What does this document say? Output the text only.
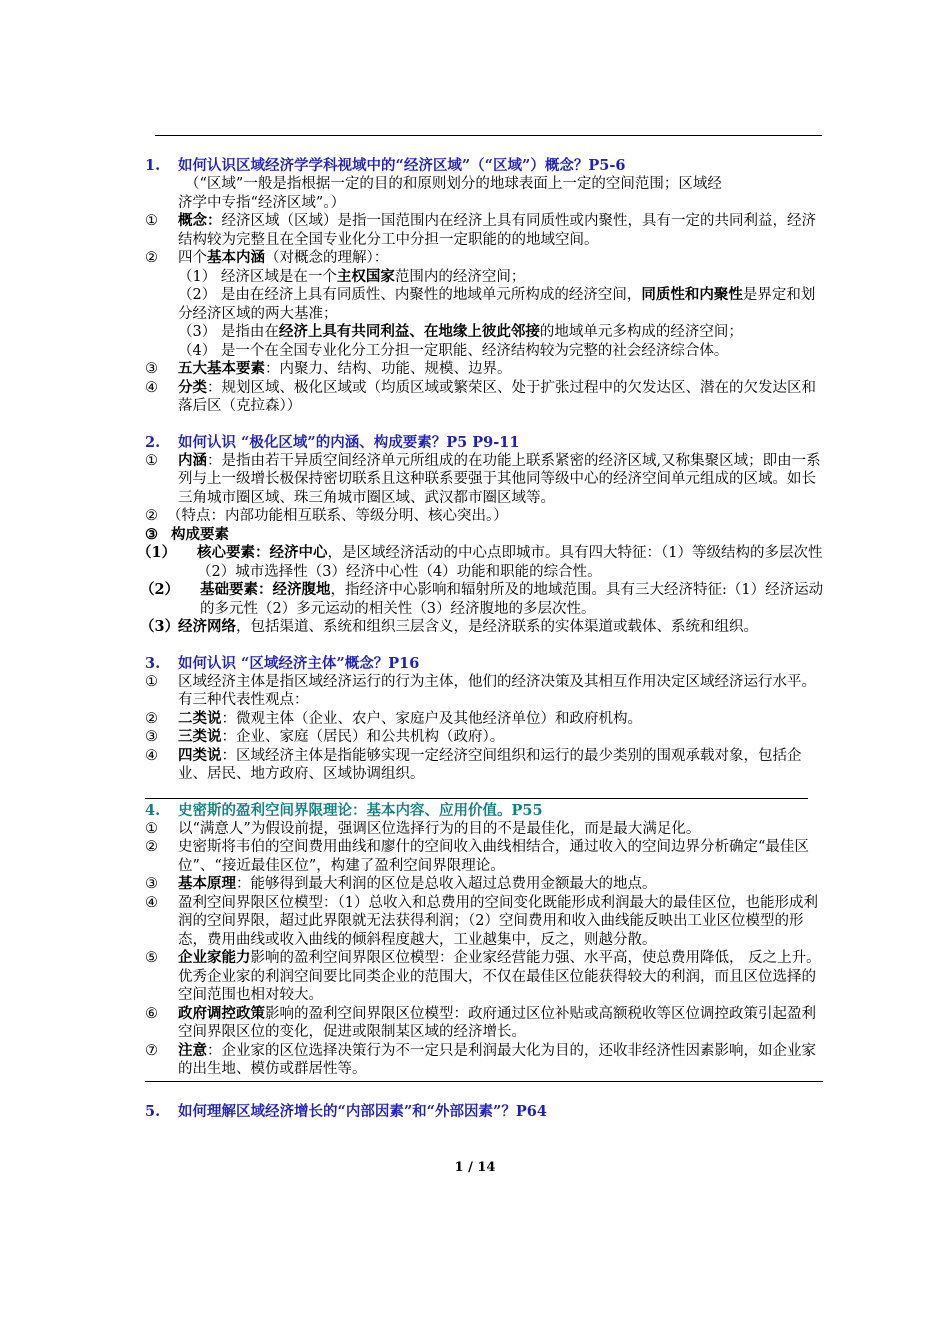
1.	如何认识区域经济学学科视域中的“经济区域”（“区域”）概念？P5-6
（“区域”一般是指根据一定的目的和原则划分的地球表面上一定的空间范围；区域经
济学中专指“经济区域”。）
①	概念：经济区域（区域）是指一国范围内在经济上具有同质性或内聚性，具有一定的共同利益，经济结构较为完整且在全国专业化分工中分担一定职能的的地域空间。
②	四个基本内涵（对概念的理解）：
（1） 经济区域是在一个主权国家范围内的经济空间；
（2） 是由在经济上具有同质性、内聚性的地域单元所构成的经济空间，同质性和内聚性是界定和划分经济区域的两大基准；
（3） 是指由在经济上具有共同利益、在地缘上彼此邻接的地域单元多构成的经济空间；
（4） 是一个在全国专业化分工分担一定职能、经济结构较为完整的社会经济综合体。
③	五大基本要素：内聚力、结构、功能、规模、边界。
④	分类：规划区域、极化区域或（均质区域或繁荣区、处于扩张过程中的欠发达区、潜在的欠发达区和落后区（克拉森））
2.	如何认识 “极化区域”的内涵、构成要素？P5 P9-11
①	内涵：是指由若干异质空间经济单元所组成的在功能上联系紧密的经济区域,又称集聚区域；即由一系列与上一级增长极保持密切联系且这种联系要强于其他同等级中心的经济空间单元组成的区域。如长三角城市圈区域、珠三角城市圈区域、武汉都市圈区域等。
② （特点：内部功能相互联系、等级分明、核心突出。）
③ 构成要素
（1）	核心要素：经济中心，是区域经济活动的中心点即城市。具有四大特征：（1）等级结构的多层次性（2）城市选择性（3）经济中心性（4）功能和职能的综合性。
（2）	基础要素：经济腹地，指经济中心影响和辐射所及的地域范围。具有三大经济特征:（1）经济运动的多元性（2）多元运动的相关性（3）经济腹地的多层次性。
（3）
经济网络，包括渠道、系统和组织三层含义，是经济联系的实体渠道或载体、系统和组织。
3.	如何认识 “区域经济主体”概念？P16
①	区域经济主体是指区域经济运行的行为主体，他们的经济决策及其相互作用决定区域经济运行水平。有三种代表性观点：
②	二类说：微观主体（企业、农户、家庭户及其他经济单位）和政府机构。
③	三类说：企业、家庭（居民）和公共机构（政府）。
④	四类说：区域经济主体是指能够实现一定经济空间组织和运行的最少类别的围观承载对象，包括企业、居民、地方政府、区域协调组织。
4.	史密斯的盈利空间界限理论：基本内容、应用价值。P55
①	以“满意人”为假设前提，强调区位选择行为的目的不是最佳化，而是最大满足化。
②	史密斯将韦伯的空间费用曲线和廖什的空间收入曲线相结合，通过收入的空间边界分析确定“最佳区位”、“接近最佳区位”，构建了盈利空间界限理论。
③	基本原理：能够得到最大利润的区位是总收入超过总费用金额最大的地点。
④	盈利空间界限区位模型：（1）总收入和总费用的空间变化既能形成利润最大的最佳区位，也能形成利润的空间界限，超过此界限就无法获得利润；（2）空间费用和收入曲线能反映出工业区位模型的形态，费用曲线或收入曲线的倾斜程度越大，工业越集中，反之，则越分散。
⑤	企业家能力影响的盈利空间界限区位模型：企业家经营能力强、水平高，使总费用降低， 反之上升。优秀企业家的利润空间要比同类企业的范围大，不仅在最佳区位能获得较大的利润，而且区位选择的空间范围也相对较大。
⑥	政府调控政策影响的盈利空间界限区位模型：政府通过区位补贴或高额税收等区位调控政策引起盈利空间界限区位的变化，促进或限制某区域的经济增长。
⑦	注意：企业家的区位选择决策行为不一定只是利润最大化为目的，还收非经济性因素影响，如企业家的出生地、模仿或群居性等。
5.	如何理解区域经济增长的“内部因素”和“外部因素”？P64
1 / 14
